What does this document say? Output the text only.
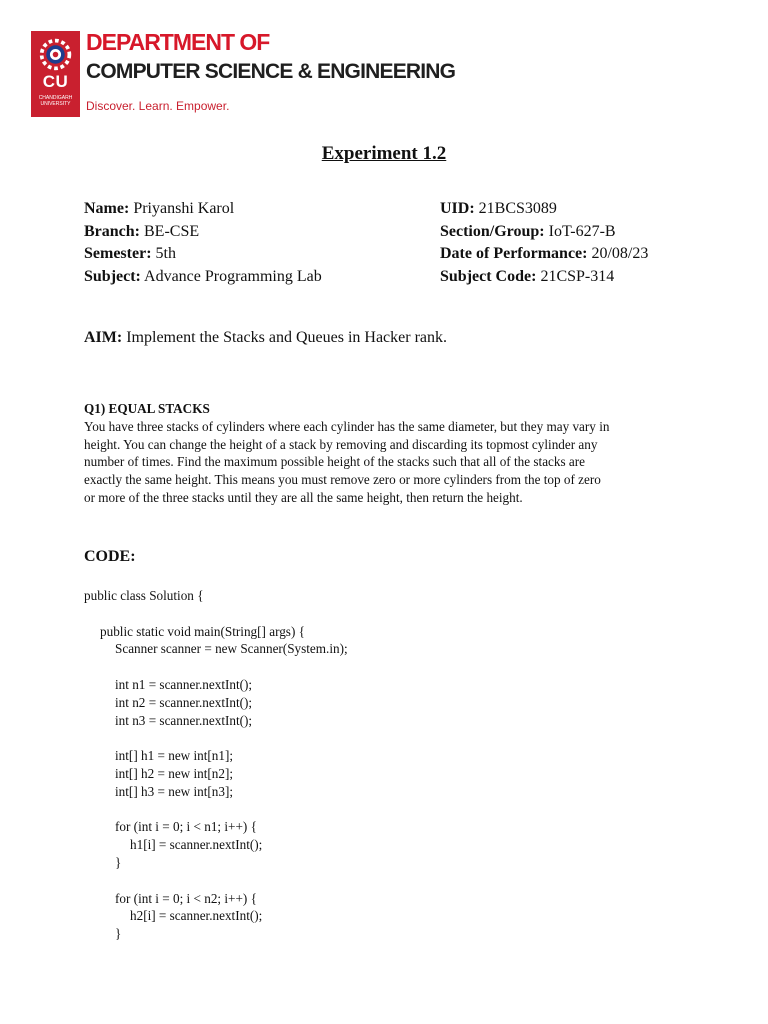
CU
CHANDIGARH UNIVERSITY
DEPARTMENT OF
COMPUTER SCIENCE & ENGINEERING
Discover. Learn. Empower.
Experiment 1.2
Name: Priyanshi Karol
Branch: BE-CSE
Semester: 5th
Subject: Advance Programming Lab
UID: 21BCS3089
Section/Group: IoT-627-B
Date of Performance: 20/08/23
Subject Code: 21CSP-314
AIM: Implement the Stacks and Queues in Hacker rank.
Q1) EQUAL STACKS
You have three stacks of cylinders where each cylinder has the same diameter, but they may vary in
height. You can change the height of a stack by removing and discarding its topmost cylinder any
number of times. Find the maximum possible height of the stacks such that all of the stacks are
exactly the same height. This means you must remove zero or more cylinders from the top of zero
or more of the three stacks until they are all the same height, then return the height.
CODE:
public class Solution {
public static void main(String[] args) {
Scanner scanner = new Scanner(System.in);
int n1 = scanner.nextInt();
int n2 = scanner.nextInt();
int n3 = scanner.nextInt();
int[] h1 = new int[n1];
int[] h2 = new int[n2];
int[] h3 = new int[n3];
for (int i = 0; i < n1; i++) {
h1[i] = scanner.nextInt();
}
for (int i = 0; i < n2; i++) {
h2[i] = scanner.nextInt();
}
